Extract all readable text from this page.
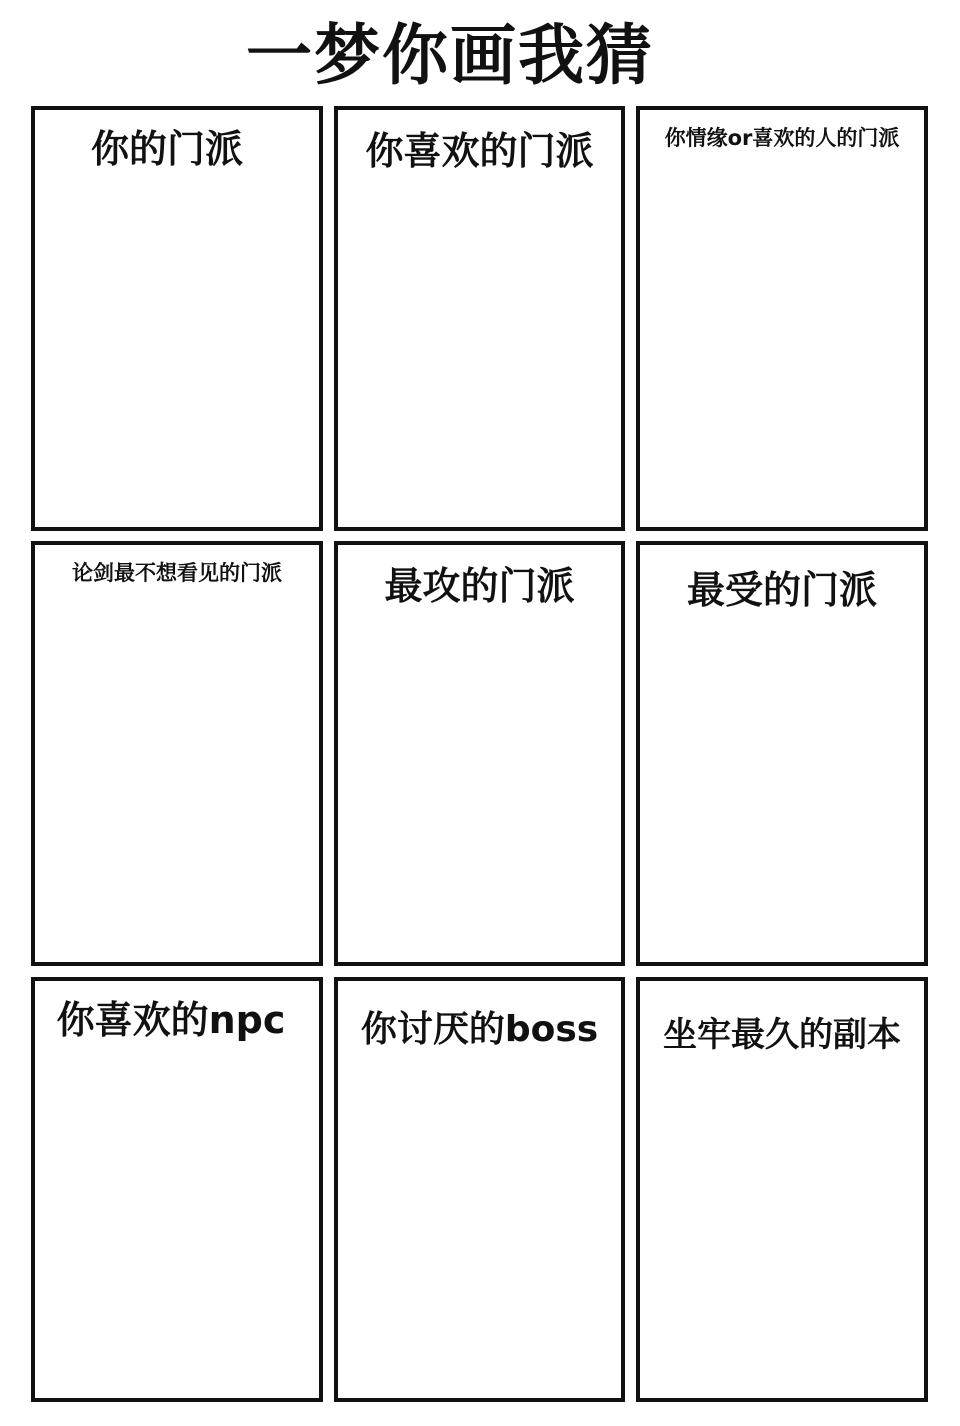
一梦你画我猜
你的门派	你喜欢的门派	你情缘or喜欢的人的门派
论剑最不想看见的门派	最攻的门派	最受的门派
你喜欢的npc	你讨厌的boss	坐牢最久的副本
